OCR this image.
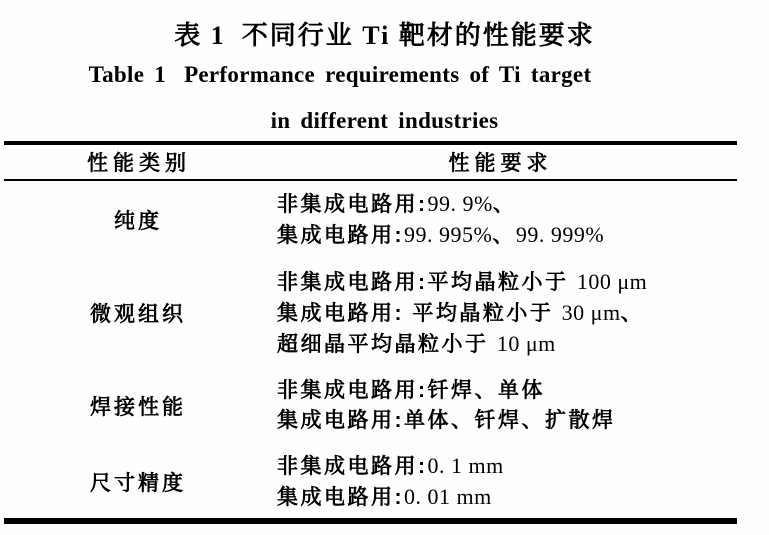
表 1 不同行业 Ti 靶材的性能要求
Table 1 Performance requirements of Ti target
in different industries
性能类别	性能要求
纯度
非集成电路用:99. 9%、
集成电路用:99. 995%、99. 999%
微观组织
非集成电路用:平均晶粒小于 100 μm
集成电路用: 平均晶粒小于 30 μm、
超细晶平均晶粒小于 10 μm
焊接性能
非集成电路用:钎焊、单体
集成电路用:单体、钎焊、扩散焊
尺寸精度
非集成电路用:0. 1 mm
集成电路用:0. 01 mm
